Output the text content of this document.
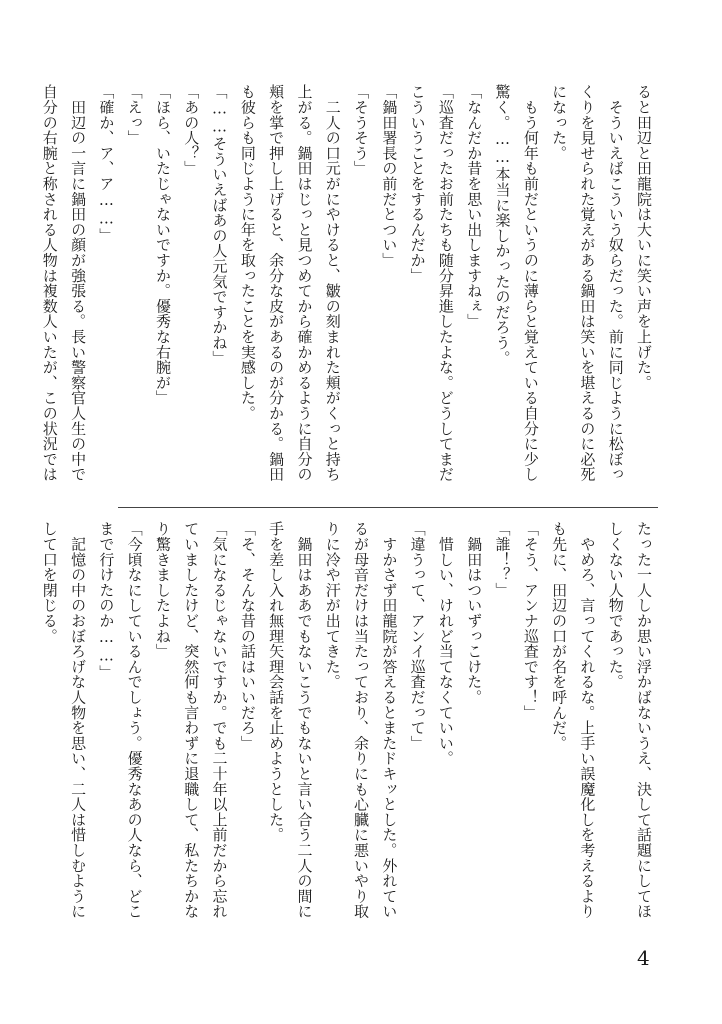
ると田辺と田龍院は大いに笑い声を上げた。
　そういえばこういう奴らだった。前に同じように松ぼっ
くりを見せられた覚えがある鍋田は笑いを堪えるのに必死
になった。
　もう何年も前だというのに薄らと覚えている自分に少し
驚く。……本当に楽しかったのだろう。
「なんだか昔を思い出しますねぇ」
「巡査だったお前たちも随分昇進したよな。どうしてまだ
こういうことをするんだか」
「鍋田署長の前だとつい」
「そうそう」
　二人の口元がにやけると、皺の刻まれた頬がくっと持ち
上がる。鍋田はじっと見つめてから確かめるように自分の
頬を掌で押し上げると、余分な皮があるのが分かる。鍋田
も彼らも同じように年を取ったことを実感した。
「……そういえばあの人元気ですかね」
「あの人？」
「ほら、いたじゃないですか。優秀な右腕が」
「えっ」
「確か、ア、ア……」
　田辺の一言に鍋田の顔が強張る。長い警察官人生の中で
自分の右腕と称される人物は複数人いたが、この状況では
たった一人しか思い浮かばないうえ、決して話題にしてほ
しくない人物であった。
　やめろ、言ってくれるな。上手い誤魔化しを考えるより
も先に、田辺の口が名を呼んだ。
「そう、アンナ巡査です！」
「誰！？」
　鍋田はついずっこけた。
　惜しい、けれど当てなくていい。
「違うって、アンイ巡査だって」
　すかさず田龍院が答えるとまたドキッとした。外れてい
るが母音だけは当たっており、余りにも心臓に悪いやり取
りに冷や汗が出てきた。
　鍋田はああでもないこうでもないと言い合う二人の間に
手を差し入れ無理矢理会話を止めようとした。
「そ、そんな昔の話はいいだろ」
「気になるじゃないですか。でも二十年以上前だから忘れ
ていましたけど、突然何も言わずに退職して、私たちかな
り驚きましたよね」
「今頃なにしているんでしょう。優秀なあの人なら、どこ
まで行けたのか……」
　記憶の中のおぼろげな人物を思い、二人は惜しむように
して口を閉じる。
4
